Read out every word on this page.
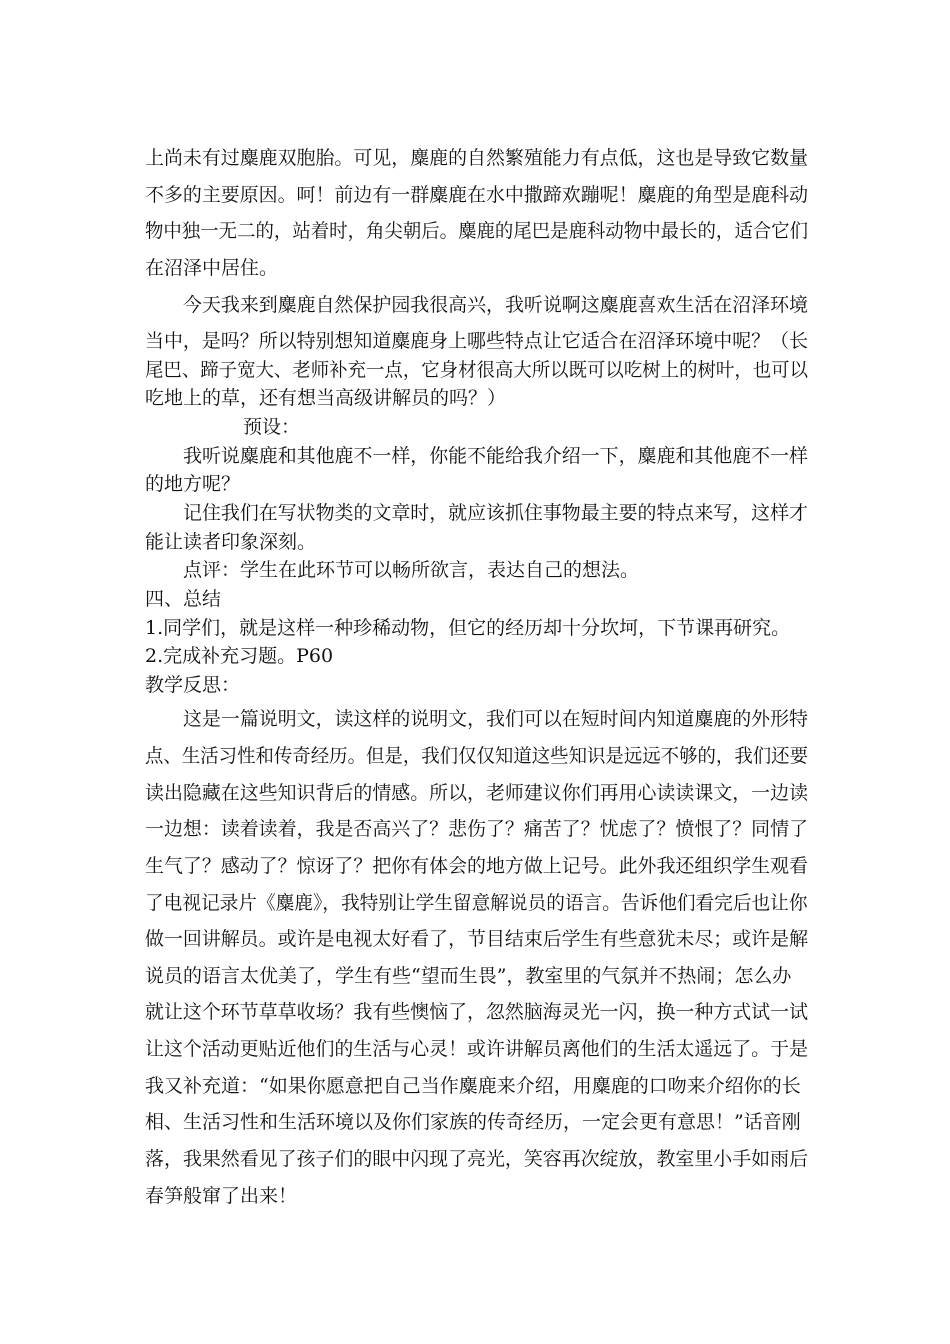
上尚未有过麋鹿双胞胎。可见，麋鹿的自然繁殖能力有点低，这也是导致它数量
不多的主要原因。呵！前边有一群麋鹿在水中撒蹄欢蹦呢！麋鹿的角型是鹿科动
物中独一无二的，站着时，角尖朝后。麋鹿的尾巴是鹿科动物中最长的，适合它们
在沼泽中居住。
今天我来到麋鹿自然保护园我很高兴，我听说啊这麋鹿喜欢生活在沼泽环境
当中，是吗？所以特别想知道麋鹿身上哪些特点让它适合在沼泽环境中呢？（长
尾巴、蹄子宽大、老师补充一点，它身材很高大所以既可以吃树上的树叶，也可以
吃地上的草，还有想当高级讲解员的吗？）
预设：
我听说麋鹿和其他鹿不一样，你能不能给我介绍一下，麋鹿和其他鹿不一样
的地方呢？
记住我们在写状物类的文章时，就应该抓住事物最主要的特点来写，这样才
能让读者印象深刻。
点评：学生在此环节可以畅所欲言，表达自己的想法。
四、总结
1.同学们，就是这样一种珍稀动物，但它的经历却十分坎坷，下节课再研究。
2.完成补充习题。P60
教学反思：
这是一篇说明文，读这样的说明文，我们可以在短时间内知道麋鹿的外形特
点、生活习性和传奇经历。但是，我们仅仅知道这些知识是远远不够的，我们还要
读出隐藏在这些知识背后的情感。所以，老师建议你们再用心读读课文，一边读
一边想：读着读着，我是否高兴了？悲伤了？痛苦了？忧虑了？愤恨了？同情了
生气了？感动了？惊讶了？把你有体会的地方做上记号。此外我还组织学生观看
了电视记录片《麋鹿》，我特别让学生留意解说员的语言。告诉他们看完后也让你
做一回讲解员。或许是电视太好看了，节目结束后学生有些意犹未尽；或许是解
说员的语言太优美了，学生有些“望而生畏”，教室里的气氛并不热闹；怎么办
就让这个环节草草收场？我有些懊恼了，忽然脑海灵光一闪，换一种方式试一试
让这个活动更贴近他们的生活与心灵！或许讲解员离他们的生活太遥远了。于是
我又补充道：“如果你愿意把自己当作麋鹿来介绍，用麋鹿的口吻来介绍你的长
相、生活习性和生活环境以及你们家族的传奇经历，一定会更有意思！”话音刚
落，我果然看见了孩子们的眼中闪现了亮光，笑容再次绽放，教室里小手如雨后
春笋般窜了出来！
